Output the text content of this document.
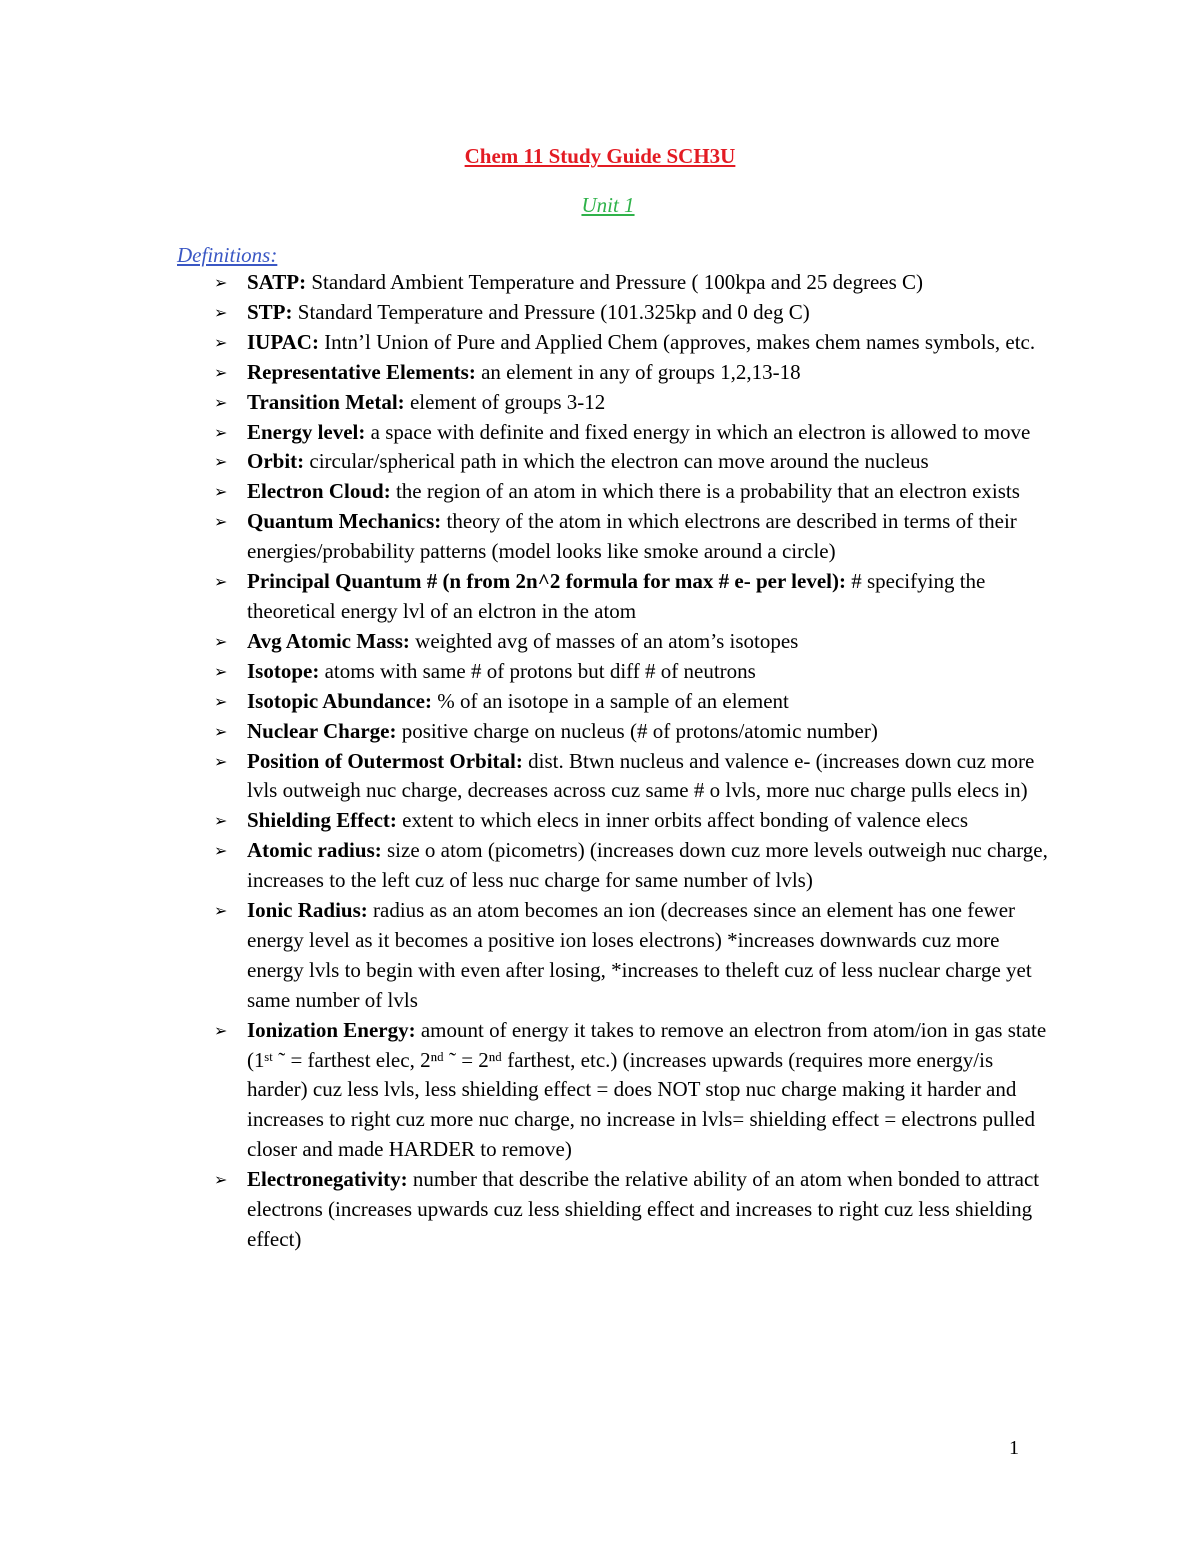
Chem 11 Study Guide SCH3U
Unit 1
Definitions:
➢ SATP: Standard Ambient Temperature and Pressure ( 100kpa and 25 degrees C)
➢ STP: Standard Temperature and Pressure (101.325kp and 0 deg C)
➢ IUPAC: Intn’l Union of Pure and Applied Chem (approves, makes chem names symbols, etc.
➢ Representative Elements: an element in any of groups 1,2,13-18
➢ Transition Metal: element of groups 3-12
➢ Energy level: a space with definite and fixed energy in which an electron is allowed to move
➢ Orbit: circular/spherical path in which the electron can move around the nucleus
➢ Electron Cloud: the region of an atom in which there is a probability that an electron exists
➢ Quantum Mechanics: theory of the atom in which electrons are described in terms of their energies/probability patterns (model looks like smoke around a circle)
➢ Principal Quantum # (n from 2n^2 formula for max # e- per level): # specifying the theoretical energy lvl of an elctron in the atom
➢ Avg Atomic Mass: weighted avg of masses of an atom’s isotopes
➢ Isotope: atoms with same # of protons but diff # of neutrons
➢ Isotopic Abundance: % of an isotope in a sample of an element
➢ Nuclear Charge: positive charge on nucleus (# of protons/atomic number)
➢ Position of Outermost Orbital: dist. Btwn nucleus and valence e- (increases down cuz more lvls outweigh nuc charge, decreases across cuz same # o lvls, more nuc charge pulls elecs in)
➢ Shielding Effect: extent to which elecs in inner orbits affect bonding of valence elecs
➢ Atomic radius: size o atom (picometrs) (increases down cuz more levels outweigh nuc charge, increases to the left cuz of less nuc charge for same number of lvls)
➢ Ionic Radius: radius as an atom becomes an ion (decreases since an element has one fewer energy level as it becomes a positive ion loses electrons) *increases downwards cuz more energy lvls to begin with even after losing, *increases to theleft cuz of less nuclear charge yet same number of lvls
➢ Ionization Energy: amount of energy it takes to remove an electron from atom/ion in gas state (1ˢᵗ ˜ = farthest elec, 2ⁿᵈ ˜ = 2ⁿᵈ farthest, etc.) (increases upwards (requires more energy/is harder) cuz less lvls, less shielding effect = does NOT stop nuc charge making it harder and increases to right cuz more nuc charge, no increase in lvls= shielding effect = electrons pulled closer and made HARDER to remove)
➢ Electronegativity: number that describe the relative ability of an atom when bonded to attract electrons (increases upwards cuz less shielding effect and increases to right cuz less shielding effect)
1
